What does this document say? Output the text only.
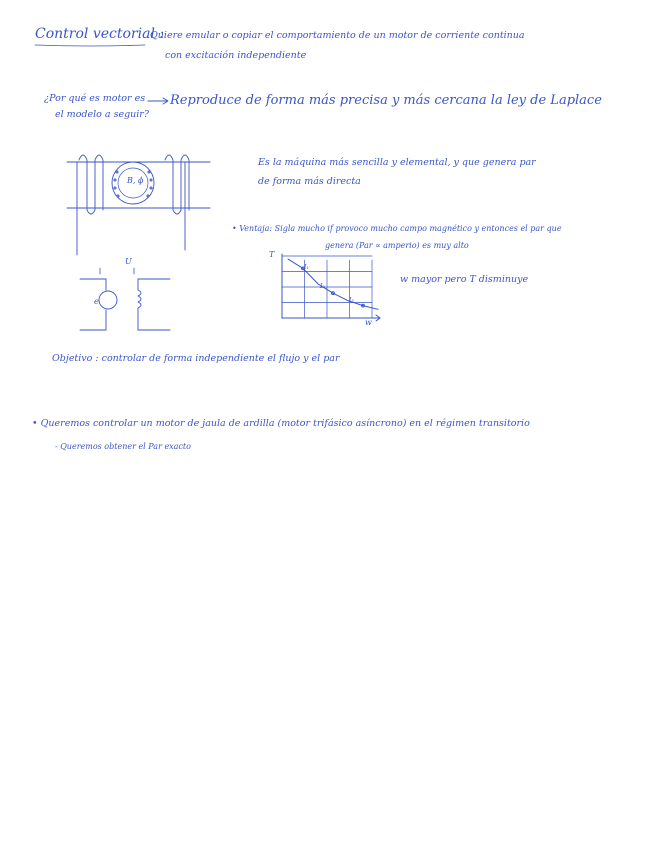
Control vectorial :
Quiere emular o copiar el comportamiento de un motor de corriente continua
con excitación independiente
¿Por qué es motor es
el modelo a seguir?
Reproduce de forma más precisa y más cercana la ley de Laplace
B, ϕ
U
e
Es la máquina más sencilla y elemental, y que genera par
de forma más directa
• Ventaja: Sigla mucho if provoco mucho campo magnético y entonces el par que
genera (Par ∝ amperio) es muy alto
T
w
I₁
I₂
I₃
w mayor pero T disminuye
Objetivo : controlar de forma independiente el flujo y el par
• Queremos controlar un motor de jaula de ardilla (motor trifásico asíncrono) en el régimen transitorio
- Queremos obtener el Par exacto
